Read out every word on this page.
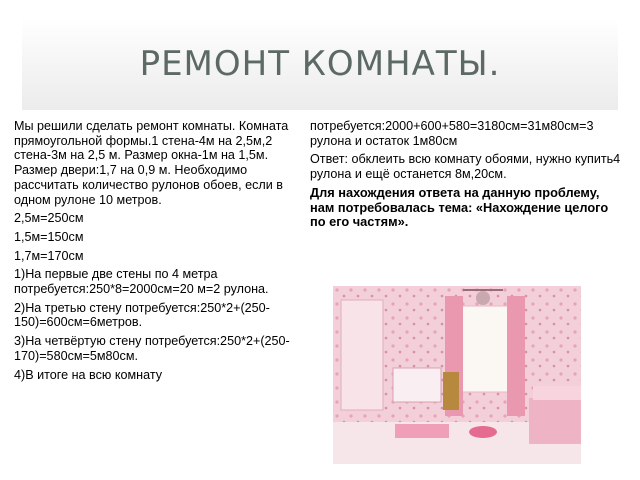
РЕМОНТ КОМНАТЫ.

Мы решили сделать ремонт комнаты. Комната прямоугольной формы.1 стена-4м на 2,5м,2 стена-3м на 2,5 м. Размер окна-1м на 1,5м. Размер двери:1,7 на 0,9 м. Необходимо рассчитать количество рулонов обоев, если в одном рулоне 10 метров.

2,5м=250см

1,5м=150см

1,7м=170см

1)На первые две стены по 4 метра потребуется:250*8=2000см=20 м=2 рулона.

2)На третью стену потребуется:250*2+(250-150)=600см=6метров.

3)На четвёртую стену потребуется:250*2+(250-170)=580см=5м80см.

4)В итоге на всю комнату

потребуется:2000+600+580=3180см=31м80см=3 рулона и остаток 1м80см

Ответ: обклеить всю комнату обоями, нужно купить4 рулона и ещё останется 8м,20см.

Для нахождения ответа на данную проблему, нам потребовалась тема: «Нахождение целого по его частям».
